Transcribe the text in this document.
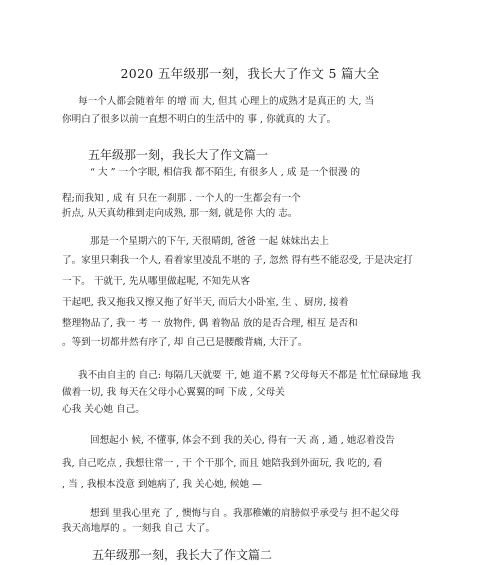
2020 五年级那一刻，我长大了作文 5 篇大全
每一个人都会随着年 的增 而 大, 但其 心理上的成熟才是真正的 大, 当
你明白了很多以前一直想不明白的生活中的 事 , 你就真的 大了。
五年级那一刻，我长大了作文篇一
“ 大 ” 一个字眼, 相信我 都不陌生, 有很多人 , 成 是一个很漫 的
程;而我知 , 成 有 只在一刹那 . 一个人的一生都会有一个
折点, 从天真幼稚到走向成熟, 那一刻, 就是你 大的 志。
那是一个星期六的下午, 天很晴朗, 爸爸 一起 妹妹出去上
了。家里只剩我一个人, 看着家里凌乱不堪的 子, 忽然 得有些不能忍受, 于是决定打
一下。 干就干, 先从哪里做起呢, 不知先从客
干起吧, 我又拖我又擦又拖了好半天, 而后大小卧室, 生 、厨房, 接着
整理物品了, 我一 考 一 放物件, 偶 着物品 放的是否合理, 相互 是否和
。等到一切都井然有序了, 却 自己已是腰酸背痛, 大汗了。
我不由自主的 自己: 每隔几天就要 干, 她 道不累 ?父母每天不都是 忙忙碌碌地 我
做着一切, 我 每天在父母小心翼翼的呵 下成 , 父母关
心我 关心她 自己。
回想起小 候, 不懂事, 体会不到 我的关心, 得有一天 高 , 通 , 她忍着没告
我, 自己吃点 , 我想往常一 , 干 个干那个, 而且 她陪我到外面玩, 我 吃的, 看
, 当 , 我根本没意 到她病了, 我 关心她, 候她 —
想到 里我心里充 了 , 懊悔与自 。我那稚嫩的肩膀似乎承受与 担不起父母
我天高地厚的 。一刻我 自己 大了。
五年级那一刻，我长大了作文篇二
